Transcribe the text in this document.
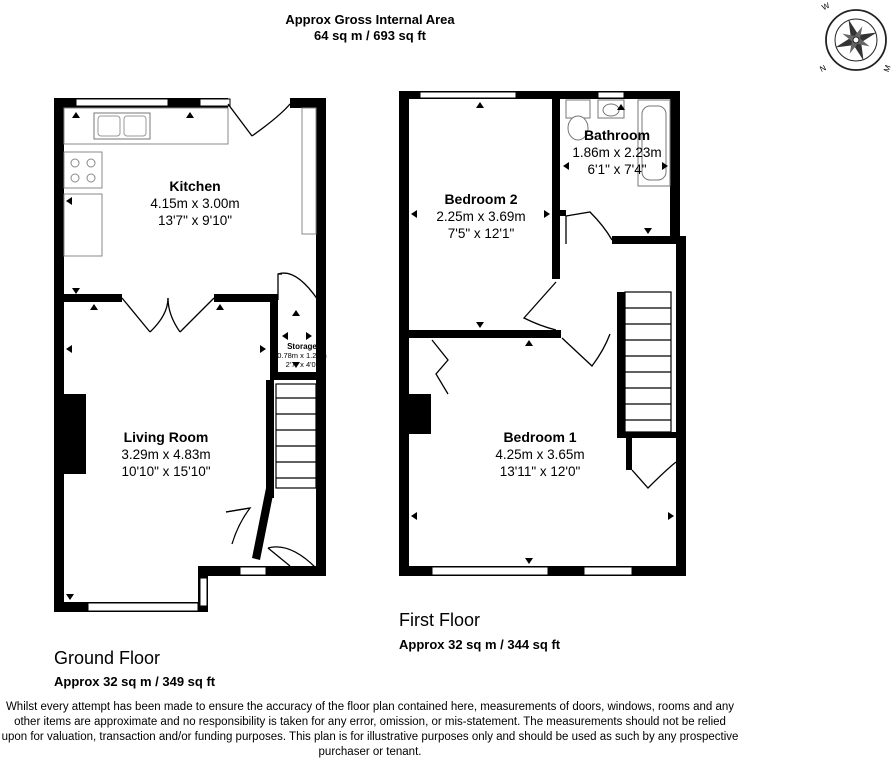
Approx Gross Internal Area
64 sq m / 693 sq ft
W
N	M
Kitchen
4.15m x 3.00m
13'7" x 9'10"
Living Room
3.29m x 4.83m
10'10" x 15'10"
Storage
0.78m x 1.23m
2'7" x 4'0"
Bedroom 2
2.25m x 3.69m
7'5" x 12'1"
Bathroom
1.86m x 2.23m
6'1" x 7'4"
Bedroom 1
4.25m x 3.65m
13'11" x 12'0"
Ground Floor
Approx 32 sq m / 349 sq ft
First Floor
Approx 32 sq m / 344 sq ft
Whilst every attempt has been made to ensure the accuracy of the floor plan contained here, measurements of doors, windows, rooms and any other items are approximate and no responsibility is taken for any error, omission, or mis-statement. The measurements should not be relied upon for valuation, transaction and/or funding purposes. This plan is for illustrative purposes only and should be used as such by any prospective purchaser or tenant.
